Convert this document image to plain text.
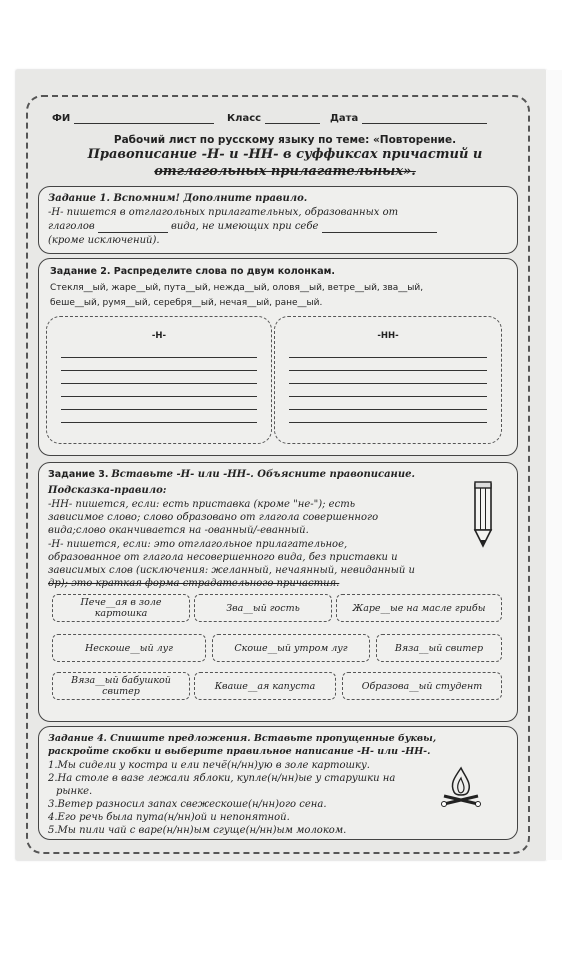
ФИ	Класс	Дата
Рабочий лист по русскому языку по теме: «Повторение.
Правописание -Н- и -НН- в суффиксах причастий и
отглагольных прилагательных».
Задание 1. Вспомним! Дополните правило.
-Н- пишется в отглагольных прилагательных, образованных от
глаголов	вида, не имеющих при себе
(кроме исключений).
Задание 2. Распределите слова по двум колонкам.
Стекля__ый, жаре__ый, пута__ый, нежда__ый, оловя__ый, ветре__ый, зва__ый,
беше__ый, румя__ый, серебря__ый, нечая__ый, ране__ый.
-Н-	-НН-
Задание 3. Вставьте -Н- или -НН-. Объясните правописание.
Подсказка-правило:
-НН- пишется, если: есть приставка (кроме "не-"); есть
зависимое слово; слово образовано от глагола совершенного
вида;слово оканчивается на -ованный/-еванный.
-Н- пишется, если: это отглагольное прилагательное,
образованное от глагола несовершенного вида, без приставки и
зависимых слов (исключения: желанный, нечаянный, невиданный и
др); это краткая форма страдательного причастия.
Пече__ая в золе картошка	Зва__ый гость	Жаре__ые на масле грибы
Нескоше__ый луг	Скоше__ый утром луг	Вяза__ый свитер
Вяза__ый бабушкой свитер	Кваше__ая капуста	Образова__ый студент
Задание 4. Спишите предложения. Вставьте пропущенные буквы,
раскройте скобки и выберите правильное написание -Н- или -НН-.
1.Мы сидели у костра и ели печё(н/нн)ую в золе картошку.
2.На столе в вазе лежали яблоки, купле(н/нн)ые у старушки на
рынке.
3.Ветер разносил запах свежескоше(н/нн)ого сена.
4.Его речь была пута(н/нн)ой и непонятной.
5.Мы пили чай с варе(н/нн)ым сгуще(н/нн)ым молоком.
